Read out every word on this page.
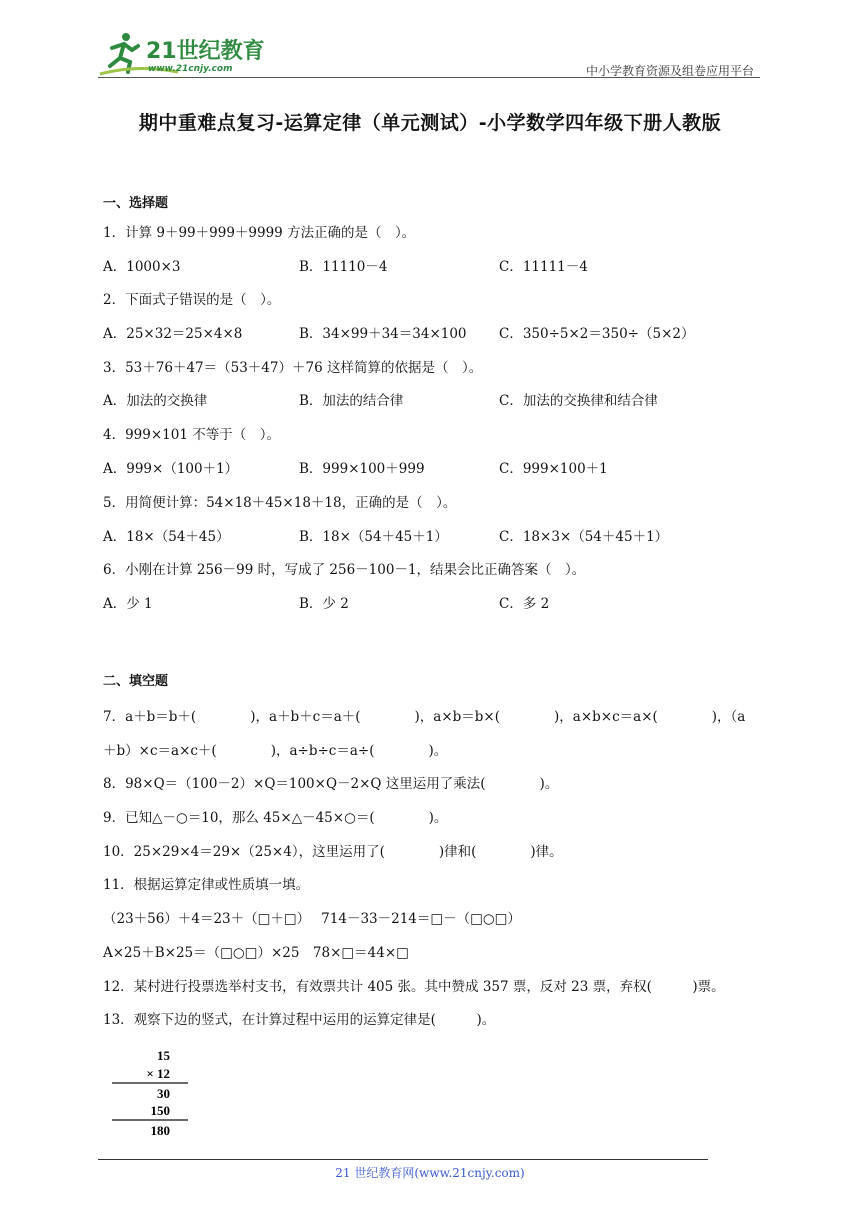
21世纪教育
www.21cnjy.com	中小学教育资源及组卷应用平台
期中重难点复习-运算定律（单元测试）-小学数学四年级下册人教版
一、选择题
1．计算 9＋99＋999＋9999 方法正确的是（　）。
A．1000×3	B．11110－4	C．11111－4
2．下面式子错误的是（　）。
A．25×32＝25×4×8	B．34×99＋34＝34×100 C．350÷5×2＝350÷（5×2）
3．53＋76＋47＝（53＋47）＋76 这样简算的依据是（　）。
A．加法的交换律	B．加法的结合律	C．加法的交换律和结合律
4．999×101 不等于（　）。
A．999×（100＋1）	B．999×100＋999	C．999×100＋1
5．用简便计算：54×18＋45×18＋18，正确的是（　）。
A．18×（54＋45）	B．18×（54＋45＋1）	C．18×3×（54＋45＋1）
6．小刚在计算 256－99 时，写成了 256－100－1，结果会比正确答案（　）。
A．少 1	B．少 2	C．多 2
二、填空题
7．a＋b＝b＋(　　　　)，a＋b＋c＝a＋(　　　　)，a×b＝b×(　　　　)，a×b×c＝a×(　　　　)，（a
＋b）×c＝a×c＋(　　　　)，a÷b÷c＝a÷(　　　　)。
8．98×Q＝（100－2）×Q＝100×Q－2×Q 这里运用了乘法(　　　　)。
9．已知△－○＝10，那么 45×△－45×○＝(　　　　)。
10．25×29×4＝29×（25×4），这里运用了(　　　　)律和(　　　　)律。
11．根据运算定律或性质填一填。
（23＋56）＋4＝23＋（□＋□）　 714－33－214＝□－（□○□）
A×25＋B×25＝（□○□）×25　78×□＝44×□
12．某村进行投票选举村支书，有效票共计 405 张。其中赞成 357 票，反对 23 票，弃权(　　　)票。
13．观察下边的竖式，在计算过程中运用的运算定律是(　　　)。
15
× 12
30
150
180
21 世纪教育网(www.21cnjy.com)
